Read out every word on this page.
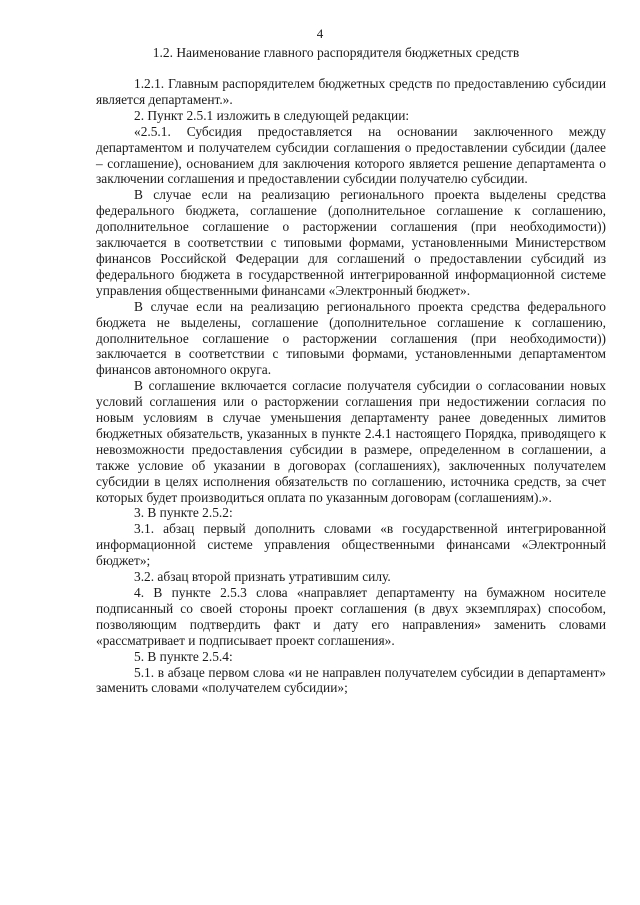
4
1.2. Наименование главного распорядителя бюджетных средств

1.2.1. Главным распорядителем бюджетных средств по предоставлению субсидии является департамент.».

2. Пункт 2.5.1 изложить в следующей редакции:

«2.5.1. Субсидия предоставляется на основании заключенного между департаментом и получателем субсидии соглашения о предоставлении субсидии (далее – соглашение), основанием для заключения которого является решение департамента о заключении соглашения и предоставлении субсидии получателю субсидии.

В случае если на реализацию регионального проекта выделены средства федерального бюджета, соглашение (дополнительное соглашение к соглашению, дополнительное соглашение о расторжении соглашения (при необходимости)) заключается в соответствии с типовыми формами, установленными Министерством финансов Российской Федерации для соглашений о предоставлении субсидий из федерального бюджета в государственной интегрированной информационной системе управления общественными финансами «Электронный бюджет».

В случае если на реализацию регионального проекта средства федерального бюджета не выделены, соглашение (дополнительное соглашение к соглашению, дополнительное соглашение о расторжении соглашения (при необходимости)) заключается в соответствии с типовыми формами, установленными департаментом финансов автономного округа.

В соглашение включается согласие получателя субсидии о согласовании новых условий соглашения или о расторжении соглашения при недостижении согласия по новым условиям в случае уменьшения департаменту ранее доведенных лимитов бюджетных обязательств, указанных в пункте 2.4.1 настоящего Порядка, приводящего к невозможности предоставления субсидии в размере, определенном в соглашении, а также условие об указании в договорах (соглашениях), заключенных получателем субсидии в целях исполнения обязательств по соглашению, источника средств, за счет которых будет производиться оплата по указанным договорам (соглашениям).».

3. В пункте 2.5.2:

3.1. абзац первый дополнить словами «в государственной интегрированной информационной системе управления общественными финансами «Электронный бюджет»;

3.2. абзац второй признать утратившим силу.

4. В пункте 2.5.3 слова «направляет департаменту на бумажном носителе подписанный со своей стороны проект соглашения (в двух экземплярах) способом, позволяющим подтвердить факт и дату его направления» заменить словами «рассматривает и подписывает проект соглашения».

5. В пункте 2.5.4:

5.1. в абзаце первом слова «и не направлен получателем субсидии в департамент» заменить словами «получателем субсидии»;
